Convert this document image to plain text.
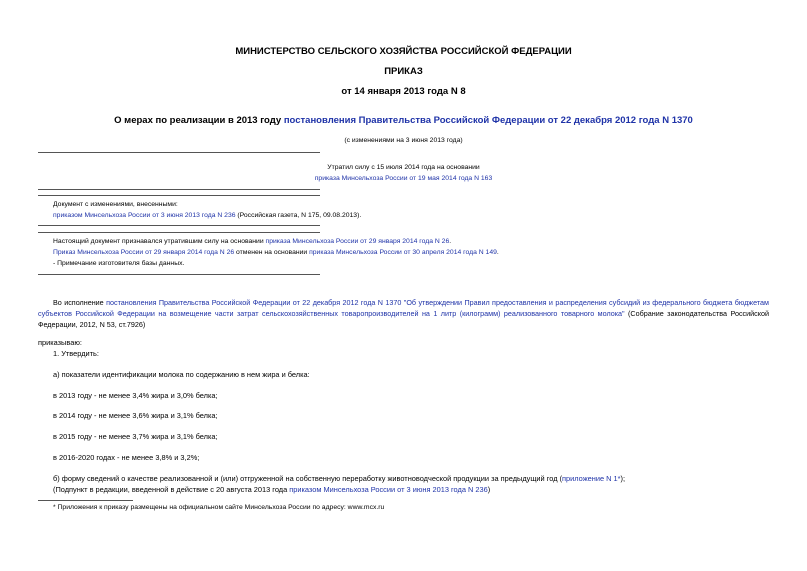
МИНИСТЕРСТВО СЕЛЬСКОГО ХОЗЯЙСТВА РОССИЙСКОЙ ФЕДЕРАЦИИ
ПРИКАЗ
от 14 января 2013 года N 8
О мерах по реализации в 2013 году постановления Правительства Российской Федерации от 22 декабря 2012 года N 1370
(с изменениями на 3 июня 2013 года)
Утратил силу с 15 июля 2014 года на основании
приказа Минсельхоза России от 19 мая 2014 года N 163
Документ с изменениями, внесенными:
приказом Минсельхоза России от 3 июня 2013 года N 236 (Российская газета, N 175, 09.08.2013).
Настоящий документ признавался утратившим силу на основании приказа Минсельхоза России от 29 января 2014 года N 26.
Приказ Минсельхоза России от 29 января 2014 года N 26 отменен на основании приказа Минсельхоза России от 30 апреля 2014 года N 149.
- Примечание изготовителя базы данных.
Во исполнение постановления Правительства Российской Федерации от 22 декабря 2012 года N 1370 "Об утверждении Правил предоставления и распределения субсидий из федерального бюджета бюджетам субъектов Российской Федерации на возмещение части затрат сельскохозяйственных товаропроизводителей на 1 литр (килограмм) реализованного товарного молока" (Собрание законодательства Российской Федерации, 2012, N 53, ст.7926)
приказываю:
1. Утвердить:
а) показатели идентификации молока по содержанию в нем жира и белка:
в 2013 году - не менее 3,4% жира и 3,0% белка;
в 2014 году - не менее 3,6% жира и 3,1% белка;
в 2015 году - не менее 3,7% жира и 3,1% белка;
в 2016-2020 годах - не менее 3,8% и 3,2%;
б) форму сведений о качестве реализованной и (или) отгруженной на собственную переработку животноводческой продукции за предыдущий год (приложение N 1*);
(Подпункт в редакции, введенной в действие с 20 августа 2013 года приказом Минсельхоза России от 3 июня 2013 года N 236)
* Приложения к приказу размещены на официальном сайте Минсельхоза России по адресу: www.mcx.ru
